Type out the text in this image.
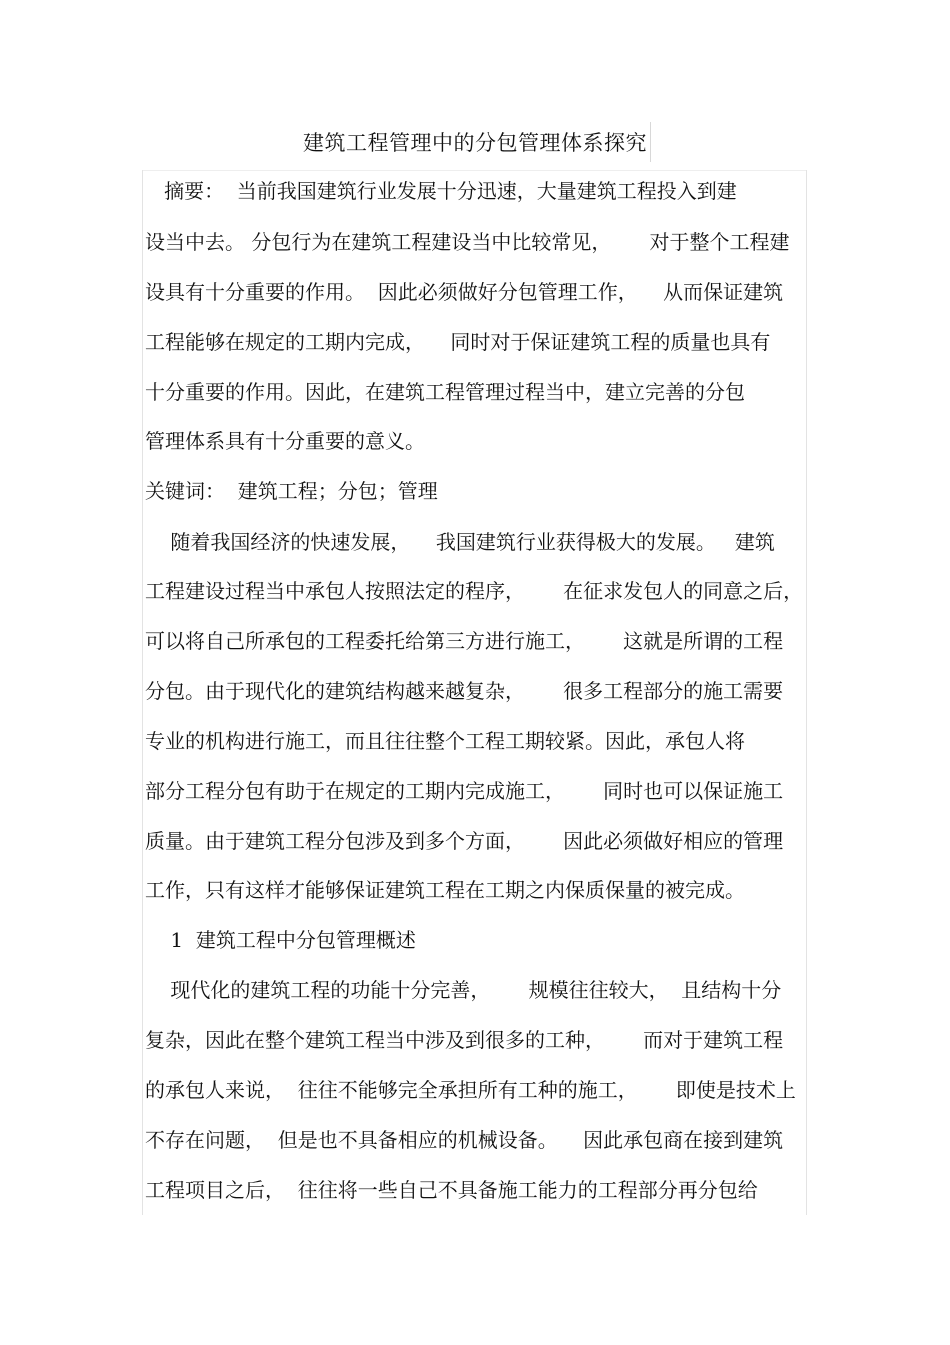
建筑工程管理中的分包管理体系探究
摘要：  当前我国建筑行业发展十分迅速，大量建筑工程投入到建
设当中去。 分包行为在建筑工程建设当中比较常见，      对于整个工程建
设具有十分重要的作用。  因此必须做好分包管理工作，    从而保证建筑
工程能够在规定的工期内完成，    同时对于保证建筑工程的质量也具有
十分重要的作用。因此，在建筑工程管理过程当中，建立完善的分包
管理体系具有十分重要的意义。
关键词：  建筑工程；分包；管理
随着我国经济的快速发展，    我国建筑行业获得极大的发展。   建筑
工程建设过程当中承包人按照法定的程序，      在征求发包人的同意之后，
可以将自己所承包的工程委托给第三方进行施工，      这就是所谓的工程
分包。由于现代化的建筑结构越来越复杂，      很多工程部分的施工需要
专业的机构进行施工，而且往往整个工程工期较紧。因此，承包人将
部分工程分包有助于在规定的工期内完成施工，      同时也可以保证施工
质量。由于建筑工程分包涉及到多个方面，      因此必须做好相应的管理
工作，只有这样才能够保证建筑工程在工期之内保质保量的被完成。
1  建筑工程中分包管理概述
现代化的建筑工程的功能十分完善，      规模往往较大，  且结构十分
复杂，因此在整个建筑工程当中涉及到很多的工种，      而对于建筑工程
的承包人来说，  往往不能够完全承担所有工种的施工，      即使是技术上
不存在问题，  但是也不具备相应的机械设备。    因此承包商在接到建筑
工程项目之后，  往往将一些自己不具备施工能力的工程部分再分包给
